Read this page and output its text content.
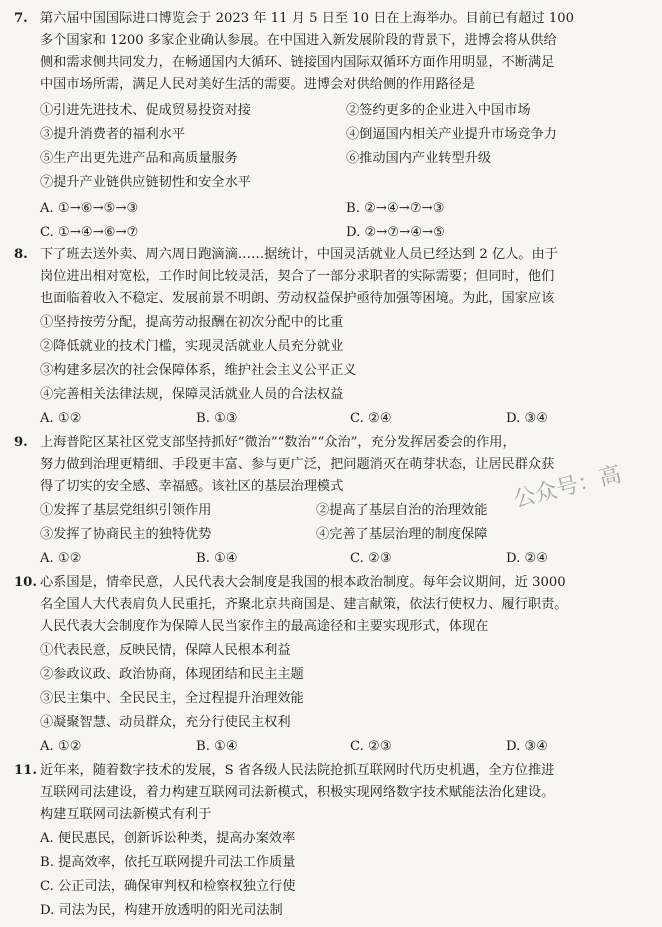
7. 第六届中国国际进口博览会于 2023 年 11 月 5 日至 10 日在上海举办。目前已有超过 100
多个国家和 1200 多家企业确认参展。在中国进入新发展阶段的背景下，进博会将从供给
侧和需求侧共同发力，在畅通国内大循环、链接国内国际双循环方面作用明显，不断满足
中国市场所需，满足人民对美好生活的需要。进博会对供给侧的作用路径是
①引进先进技术、促成贸易投资对接	②签约更多的企业进入中国市场
③提升消费者的福利水平	④倒逼国内相关产业提升市场竞争力
⑤生产出更先进产品和高质量服务	⑥推动国内产业转型升级
⑦提升产业链供应链韧性和安全水平
A. ①→⑥→⑤→③	B. ②→④→⑦→③
C. ①→④→⑥→⑦	D. ②→⑦→④→⑤
8. 下了班去送外卖、周六周日跑滴滴……据统计，中国灵活就业人员已经达到 2 亿人。由于
岗位进出相对宽松，工作时间比较灵活，契合了一部分求职者的实际需要；但同时，他们
也面临着收入不稳定、发展前景不明朗、劳动权益保护亟待加强等困境。为此，国家应该
①坚持按劳分配，提高劳动报酬在初次分配中的比重
②降低就业的技术门槛，实现灵活就业人员充分就业
③构建多层次的社会保障体系，维护社会主义公平正义
④完善相关法律法规，保障灵活就业人员的合法权益
A. ①②	B. ①③	C. ②④	D. ③④
9. 上海普陀区某社区党支部坚持抓好“微治”“数治”“众治”，充分发挥居委会的作用，
努力做到治理更精细、手段更丰富、参与更广泛，把问题消灭在萌芽状态，让居民群众获
得了切实的安全感、幸福感。该社区的基层治理模式
①发挥了基层党组织引领作用	②提高了基层自治的治理效能
③发挥了协商民主的独特优势	④完善了基层治理的制度保障
A. ①②	B. ①④	C. ②③	D. ②④
10. 心系国是，情牵民意，人民代表大会制度是我国的根本政治制度。每年会议期间，近 3000
名全国人大代表肩负人民重托，齐聚北京共商国是、建言献策，依法行使权力、履行职责。
人民代表大会制度作为保障人民当家作主的最高途径和主要实现形式，体现在
①代表民意，反映民情，保障人民根本利益
②参政议政、政治协商，体现团结和民主主题
③民主集中、全民民主，全过程提升治理效能
④凝聚智慧、动员群众，充分行使民主权利
A. ①②	B. ①④	C. ②③	D. ③④
11. 近年来，随着数字技术的发展，S 省各级人民法院抢抓互联网时代历史机遇，全方位推进
互联网司法建设，着力构建互联网司法新模式，积极实现网络数字技术赋能法治化建设。
构建互联网司法新模式有利于
A. 便民惠民，创新诉讼种类，提高办案效率
B. 提高效率，依托互联网提升司法工作质量
C. 公正司法，确保审判权和检察权独立行使
D. 司法为民，构建开放透明的阳光司法制
公众号：高
